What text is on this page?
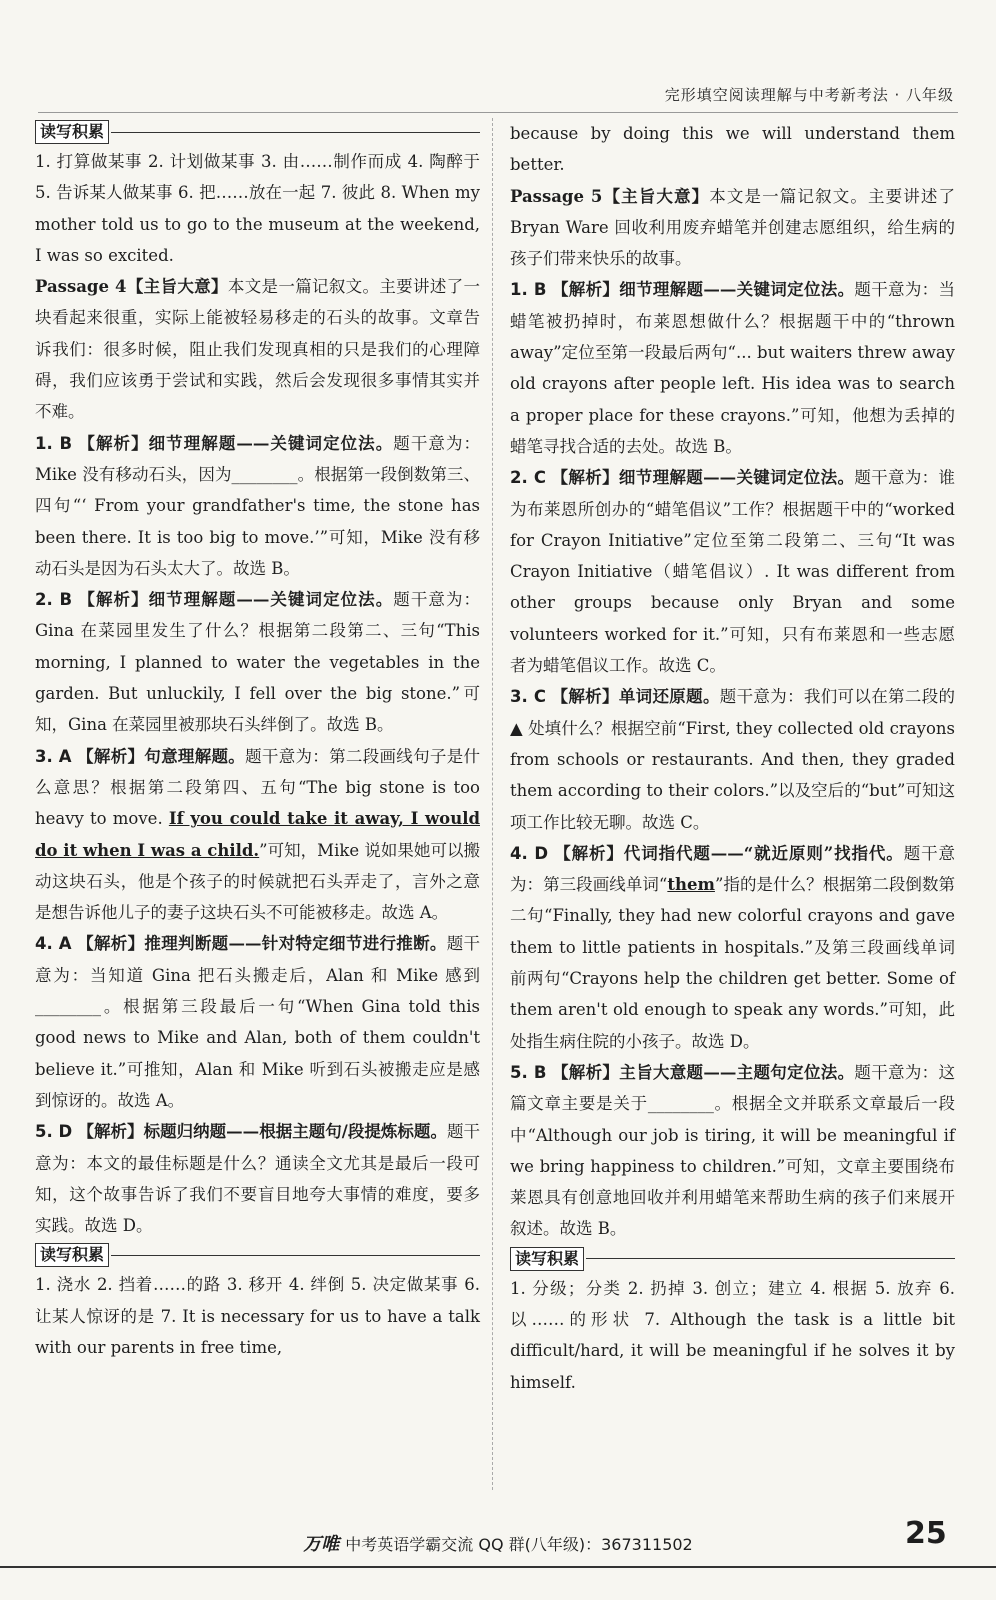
完形填空阅读理解与中考新考法 · 八年级
读写积累

1. 打算做某事 2. 计划做某事 3. 由……制作而成 4. 陶醉于 5. 告诉某人做某事 6. 把……放在一起 7. 彼此 8. When my mother told us to go to the museum at the weekend, I was so excited.

Passage 4【主旨大意】本文是一篇记叙文。主要讲述了一块看起来很重，实际上能被轻易移走的石头的故事。文章告诉我们：很多时候，阻止我们发现真相的只是我们的心理障碍，我们应该勇于尝试和实践，然后会发现很多事情其实并不难。

1. B 【解析】细节理解题——关键词定位法。题干意为：Mike 没有移动石头，因为________。根据第一段倒数第三、四句“‘ From your grandfather's time, the stone has been there. It is too big to move.’”可知，Mike 没有移动石头是因为石头太大了。故选 B。

2. B 【解析】细节理解题——关键词定位法。题干意为：Gina 在菜园里发生了什么？根据第二段第二、三句“This morning, I planned to water the vegetables in the garden. But unluckily, I fell over the big stone.”可知，Gina 在菜园里被那块石头绊倒了。故选 B。

3. A 【解析】句意理解题。题干意为：第二段画线句子是什么意思？根据第二段第四、五句“The big stone is too heavy to move. If you could take it away, I would do it when I was a child.”可知，Mike 说如果她可以搬动这块石头，他是个孩子的时候就把石头弄走了，言外之意是想告诉他儿子的妻子这块石头不可能被移走。故选 A。

4. A 【解析】推理判断题——针对特定细节进行推断。题干意为：当知道 Gina 把石头搬走后，Alan 和 Mike 感到________。根据第三段最后一句“When Gina told this good news to Mike and Alan, both of them couldn't believe it.”可推知，Alan 和 Mike 听到石头被搬走应是感到惊讶的。故选 A。

5. D 【解析】标题归纳题——根据主题句/段提炼标题。题干意为：本文的最佳标题是什么？通读全文尤其是最后一段可知，这个故事告诉了我们不要盲目地夸大事情的难度，要多实践。故选 D。

读写积累

1. 浇水 2. 挡着……的路 3. 移开 4. 绊倒 5. 决定做某事 6. 让某人惊讶的是 7. It is necessary for us to have a talk with our parents in free time,

because by doing this we will understand them better.

Passage 5【主旨大意】本文是一篇记叙文。主要讲述了 Bryan Ware 回收利用废弃蜡笔并创建志愿组织，给生病的孩子们带来快乐的故事。

1. B 【解析】细节理解题——关键词定位法。题干意为：当蜡笔被扔掉时，布莱恩想做什么？根据题干中的“thrown away”定位至第一段最后两句“... but waiters threw away old crayons after people left. His idea was to search a proper place for these crayons.”可知，他想为丢掉的蜡笔寻找合适的去处。故选 B。

2. C 【解析】细节理解题——关键词定位法。题干意为：谁为布莱恩所创办的“蜡笔倡议”工作？根据题干中的“worked for Crayon Initiative”定位至第二段第二、三句“It was Crayon Initiative（蜡笔倡议）. It was different from other groups because only Bryan and some volunteers worked for it.”可知，只有布莱恩和一些志愿者为蜡笔倡议工作。故选 C。

3. C 【解析】单词还原题。题干意为：我们可以在第二段的 ▲ 处填什么？根据空前“First, they collected old crayons from schools or restaurants. And then, they graded them according to their colors.”以及空后的“but”可知这项工作比较无聊。故选 C。

4. D 【解析】代词指代题——“就近原则”找指代。题干意为：第三段画线单词“them”指的是什么？根据第二段倒数第二句“Finally, they had new colorful crayons and gave them to little patients in hospitals.”及第三段画线单词前两句“Crayons help the children get better. Some of them aren't old enough to speak any words.”可知，此处指生病住院的小孩子。故选 D。

5. B 【解析】主旨大意题——主题句定位法。题干意为：这篇文章主要是关于________。根据全文并联系文章最后一段中“Although our job is tiring, it will be meaningful if we bring happiness to children.”可知，文章主要围绕布莱恩具有创意地回收并利用蜡笔来帮助生病的孩子们来展开叙述。故选 B。

读写积累

1. 分级；分类 2. 扔掉 3. 创立；建立 4. 根据 5. 放弃 6. 以……的形状 7. Although the task is a little bit difficult/hard, it will be meaningful if he solves it by himself.

万唯 中考英语学霸交流 QQ 群(八年级)：367311502	25
